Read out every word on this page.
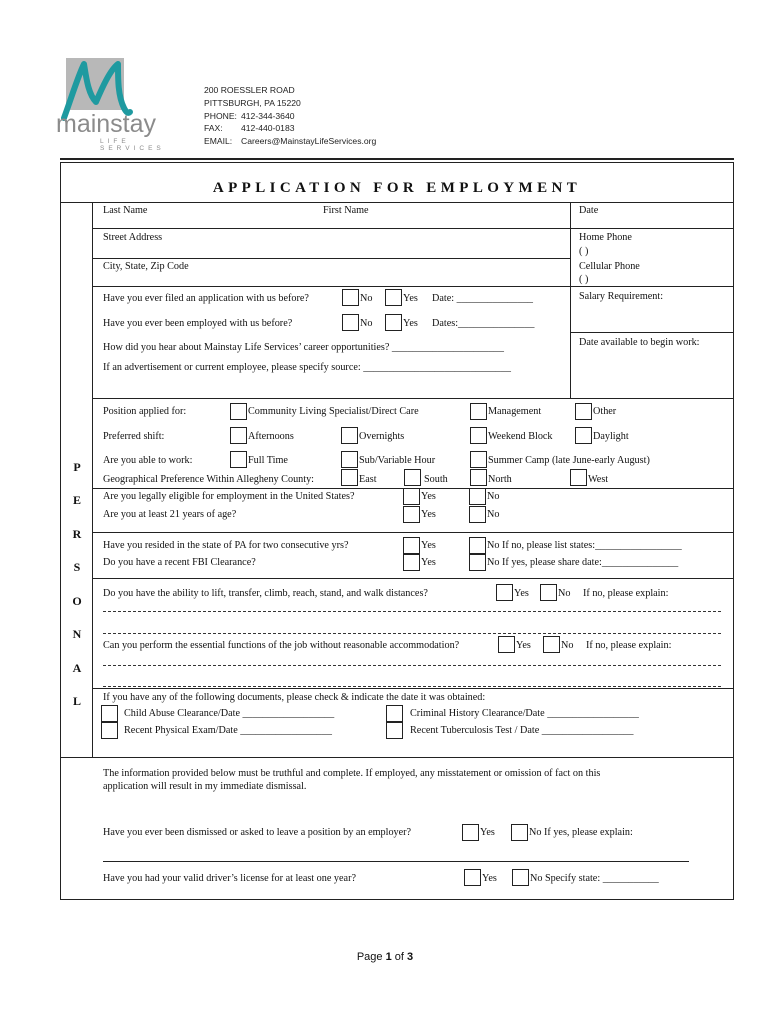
mainstay
LIFE SERVICES
200 ROESSLER ROAD
PITTSBURGH, PA 15220
PHONE: 412-344-3640
FAX: 412-440-0183
EMAIL: Careers@MainstayLifeServices.org
APPLICATION FOR EMPLOYMENT
P
E
R
S
O
N
A
L
Last Name	First Name	Date
Street Address	Home Phone
( )
City, State, Zip Code	Cellular Phone
( )
Have you ever filed an application with us before?	No	Yes Date: _______________	Salary Requirement:
Have you ever been employed with us before?	No	Yes Dates:_______________
Date available to begin work:
How did you hear about Mainstay Life Services’ career opportunities? ______________________
If an advertisement or current employee, please specify source: _____________________________
Position applied for:	Community Living Specialist/Direct Care	Management	Other
Preferred shift:	Afternoons	Overnights	Weekend Block	Daylight
Are you able to work:	Full Time	Sub/Variable Hour	Summer Camp (late June-early August)
Geographical Preference Within Allegheny County:	East	South	North	West
Are you legally eligible for employment in the United States?	Yes	No
Are you at least 21 years of age?	Yes	No
Have you resided in the state of PA for two consecutive yrs?	Yes	No If no, please list states:_________________
Do you have a recent FBI Clearance?	Yes	No If yes, please share date:_______________
Do you have the ability to lift, transfer, climb, reach, stand, and walk distances?	Yes	No If no, please explain:
Can you perform the essential functions of the job without reasonable accommodation?	Yes	No If no, please explain:
If you have any of the following documents, please check & indicate the date it was obtained:
Child Abuse Clearance/Date __________________	Criminal History Clearance/Date __________________
Recent Physical Exam/Date __________________	Recent Tuberculosis Test / Date __________________
The information provided below must be truthful and complete. If employed, any misstatement or omission of fact on this
application will result in my immediate dismissal.
Have you ever been dismissed or asked to leave a position by an employer?	Yes	No If yes, please explain:
Have you had your valid driver’s license for at least one year?	Yes	No Specify state: ___________
Page 1 of 3
